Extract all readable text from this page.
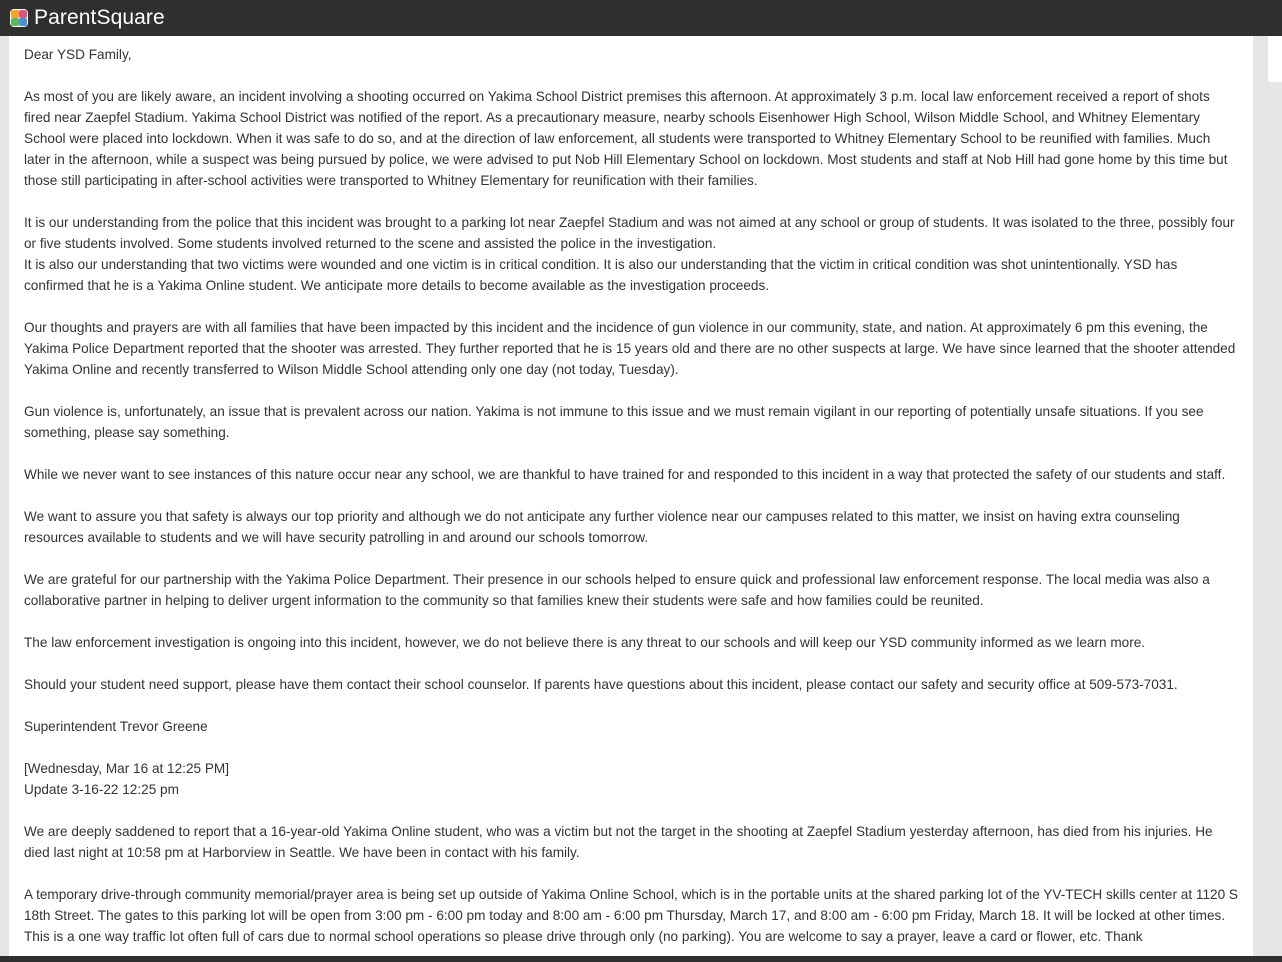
ParentSquare

Dear YSD Family,

As most of you are likely aware, an incident involving a shooting occurred on Yakima School District premises this afternoon. At approximately 3 p.m. local law enforcement received a report of shots fired near Zaepfel Stadium. Yakima School District was notified of the report. As a precautionary measure, nearby schools Eisenhower High School, Wilson Middle School, and Whitney Elementary School were placed into lockdown. When it was safe to do so, and at the direction of law enforcement, all students were transported to Whitney Elementary School to be reunified with families. Much later in the afternoon, while a suspect was being pursued by police, we were advised to put Nob Hill Elementary School on lockdown. Most students and staff at Nob Hill had gone home by this time but those still participating in after-school activities were transported to Whitney Elementary for reunification with their families.

It is our understanding from the police that this incident was brought to a parking lot near Zaepfel Stadium and was not aimed at any school or group of students. It was isolated to the three, possibly four or five students involved. Some students involved returned to the scene and assisted the police in the investigation.

It is also our understanding that two victims were wounded and one victim is in critical condition. It is also our understanding that the victim in critical condition was shot unintentionally. YSD has confirmed that he is a Yakima Online student. We anticipate more details to become available as the investigation proceeds.

Our thoughts and prayers are with all families that have been impacted by this incident and the incidence of gun violence in our community, state, and nation. At approximately 6 pm this evening, the Yakima Police Department reported that the shooter was arrested. They further reported that he is 15 years old and there are no other suspects at large. We have since learned that the shooter attended Yakima Online and recently transferred to Wilson Middle School attending only one day (not today, Tuesday).

Gun violence is, unfortunately, an issue that is prevalent across our nation. Yakima is not immune to this issue and we must remain vigilant in our reporting of potentially unsafe situations. If you see something, please say something.

While we never want to see instances of this nature occur near any school, we are thankful to have trained for and responded to this incident in a way that protected the safety of our students and staff.

We want to assure you that safety is always our top priority and although we do not anticipate any further violence near our campuses related to this matter, we insist on having extra counseling resources available to students and we will have security patrolling in and around our schools tomorrow.

We are grateful for our partnership with the Yakima Police Department. Their presence in our schools helped to ensure quick and professional law enforcement response. The local media was also a collaborative partner in helping to deliver urgent information to the community so that families knew their students were safe and how families could be reunited.

The law enforcement investigation is ongoing into this incident, however, we do not believe there is any threat to our schools and will keep our YSD community informed as we learn more.

Should your student need support, please have them contact their school counselor. If parents have questions about this incident, please contact our safety and security office at 509-573-7031.

Superintendent Trevor Greene

[Wednesday, Mar 16 at 12:25 PM]

Update 3-16-22 12:25 pm

We are deeply saddened to report that a 16-year-old Yakima Online student, who was a victim but not the target in the shooting at Zaepfel Stadium yesterday afternoon, has died from his injuries. He died last night at 10:58 pm at Harborview in Seattle. We have been in contact with his family.

A temporary drive-through community memorial/prayer area is being set up outside of Yakima Online School, which is in the portable units at the shared parking lot of the YV-TECH skills center at 1120 S 18th Street. The gates to this parking lot will be open from 3:00 pm - 6:00 pm today and 8:00 am - 6:00 pm Thursday, March 17, and 8:00 am - 6:00 pm Friday, March 18. It will be locked at other times. This is a one way traffic lot often full of cars due to normal school operations so please drive through only (no parking). You are welcome to say a prayer, leave a card or flower, etc. Thank
